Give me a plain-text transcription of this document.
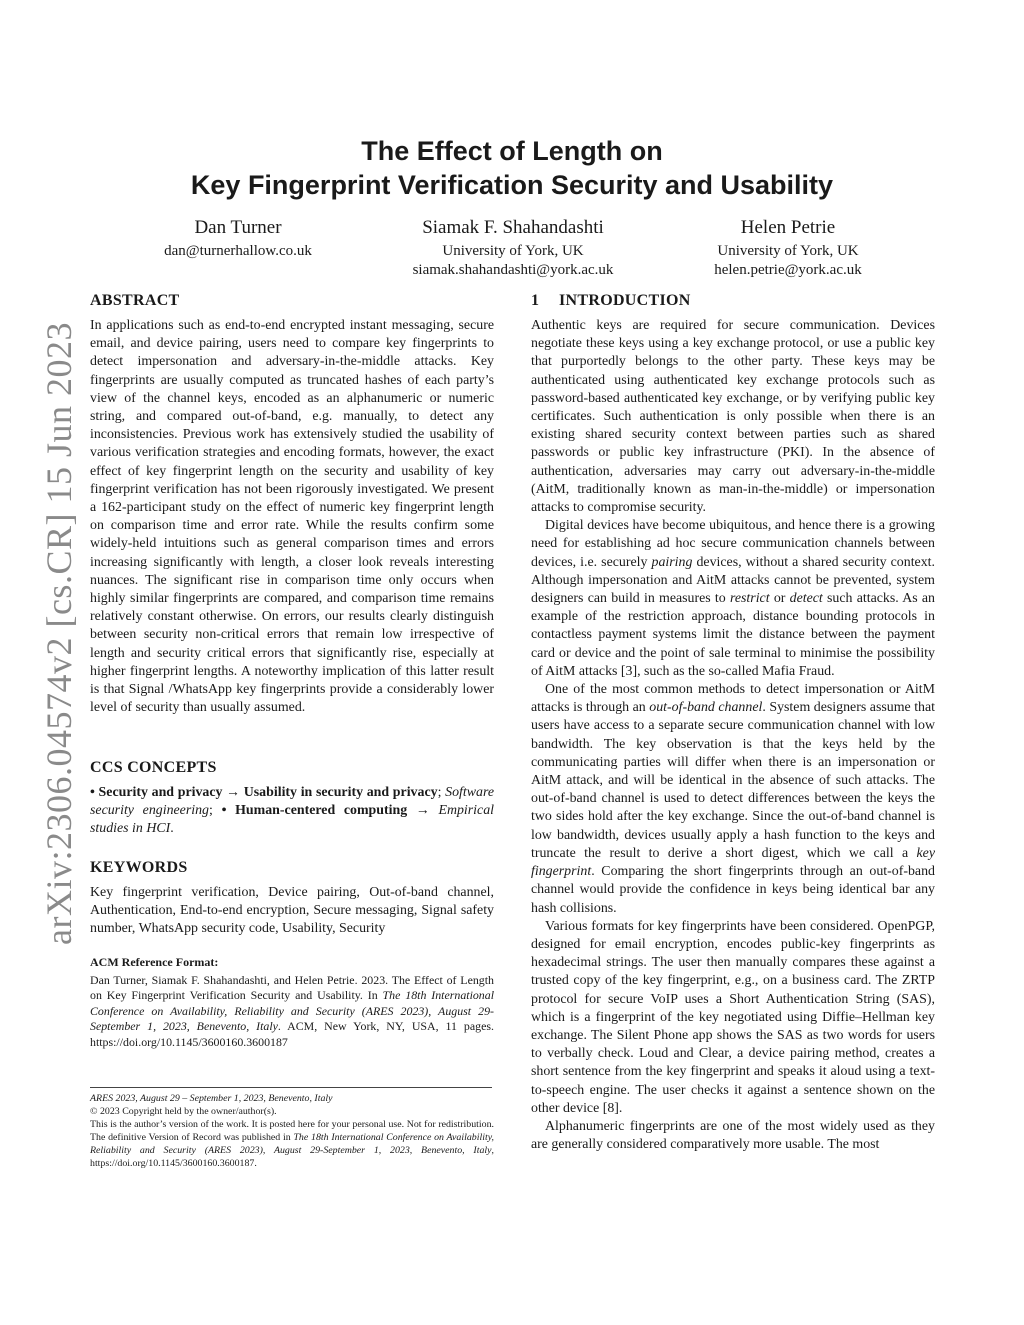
arXiv:2306.04574v2 [cs.CR] 15 Jun 2023
The Effect of Length on
Key Fingerprint Verification Security and Usability
Dan Turner
dan@turnerhallow.co.uk
Siamak F. Shahandashti
University of York, UK
siamak.shahandashti@york.ac.uk
Helen Petrie
University of York, UK
helen.petrie@york.ac.uk
ABSTRACT

In applications such as end-to-end encrypted instant messaging, secure email, and device pairing, users need to compare key fingerprints to detect impersonation and adversary-in-the-middle attacks. Key fingerprints are usually computed as truncated hashes of each party’s view of the channel keys, encoded as an alphanumeric or numeric string, and compared out-of-band, e.g. manually, to detect any inconsistencies. Previous work has extensively studied the usability of various verification strategies and encoding formats, however, the exact effect of key fingerprint length on the security and usability of key fingerprint verification has not been rigorously investigated. We present a 162-participant study on the effect of numeric key fingerprint length on comparison time and error rate. While the results confirm some widely-held intuitions such as general comparison times and errors increasing significantly with length, a closer look reveals interesting nuances. The significant rise in comparison time only occurs when highly similar fingerprints are compared, and comparison time remains relatively constant otherwise. On errors, our results clearly distinguish between security non-critical errors that remain low irrespective of length and security critical errors that significantly rise, especially at higher fingerprint lengths. A noteworthy implication of this latter result is that Signal /WhatsApp key fingerprints provide a considerably lower level of security than usually assumed.

CCS CONCEPTS

• Security and privacy → Usability in security and privacy; Software security engineering; • Human-centered computing → Empirical studies in HCI.

KEYWORDS

Key fingerprint verification, Device pairing, Out-of-band channel, Authentication, End-to-end encryption, Secure messaging, Signal safety number, WhatsApp security code, Usability, Security

ACM Reference Format:

Dan Turner, Siamak F. Shahandashti, and Helen Petrie. 2023. The Effect of Length on Key Fingerprint Verification Security and Usability. In The 18th International Conference on Availability, Reliability and Security (ARES 2023), August 29-September 1, 2023, Benevento, Italy. ACM, New York, NY, USA, 11 pages. https://doi.org/10.1145/3600160.3600187

ARES 2023, August 29 – September 1, 2023, Benevento, Italy
© 2023 Copyright held by the owner/author(s).

This is the author’s version of the work. It is posted here for your personal use. Not for redistribution. The definitive Version of Record was published in The 18th International Conference on Availability, Reliability and Security (ARES 2023), August 29-September 1, 2023, Benevento, Italy, https://doi.org/10.1145/3600160.3600187.

1 INTRODUCTION

Authentic keys are required for secure communication. Devices negotiate these keys using a key exchange protocol, or use a public key that purportedly belongs to the other party. These keys may be authenticated using authenticated key exchange protocols such as password-based authenticated key exchange, or by verifying public key certificates. Such authentication is only possible when there is an existing shared security context between parties such as shared passwords or public key infrastructure (PKI). In the absence of authentication, adversaries may carry out adversary-in-the-middle (AitM, traditionally known as man-in-the-middle) or impersonation attacks to compromise security.

Digital devices have become ubiquitous, and hence there is a growing need for establishing ad hoc secure communication channels between devices, i.e. securely pairing devices, without a shared security context. Although impersonation and AitM attacks cannot be prevented, system designers can build in measures to restrict or detect such attacks. As an example of the restriction approach, distance bounding protocols in contactless payment systems limit the distance between the payment card or device and the point of sale terminal to minimise the possibility of AitM attacks [3], such as the so-called Mafia Fraud.

One of the most common methods to detect impersonation or AitM attacks is through an out-of-band channel. System designers assume that users have access to a separate secure communication channel with low bandwidth. The key observation is that the keys held by the communicating parties will differ when there is an impersonation or AitM attack, and will be identical in the absence of such attacks. The out-of-band channel is used to detect differences between the keys the two sides hold after the key exchange. Since the out-of-band channel is low bandwidth, devices usually apply a hash function to the keys and truncate the result to derive a short digest, which we call a key fingerprint. Comparing the short fingerprints through an out-of-band channel would provide the confidence in keys being identical bar any hash collisions.

Various formats for key fingerprints have been considered. OpenPGP, designed for email encryption, encodes public-key fingerprints as hexadecimal strings. The user then manually compares these against a trusted copy of the key fingerprint, e.g., on a business card. The ZRTP protocol for secure VoIP uses a Short Authentication String (SAS), which is a fingerprint of the key negotiated using Diffie–Hellman key exchange. The Silent Phone app shows the SAS as two words for users to verbally check. Loud and Clear, a device pairing method, creates a short sentence from the key fingerprint and speaks it aloud using a text-to-speech engine. The user checks it against a sentence shown on the other device [8].

Alphanumeric fingerprints are one of the most widely used as they are generally considered comparatively more usable. The most
